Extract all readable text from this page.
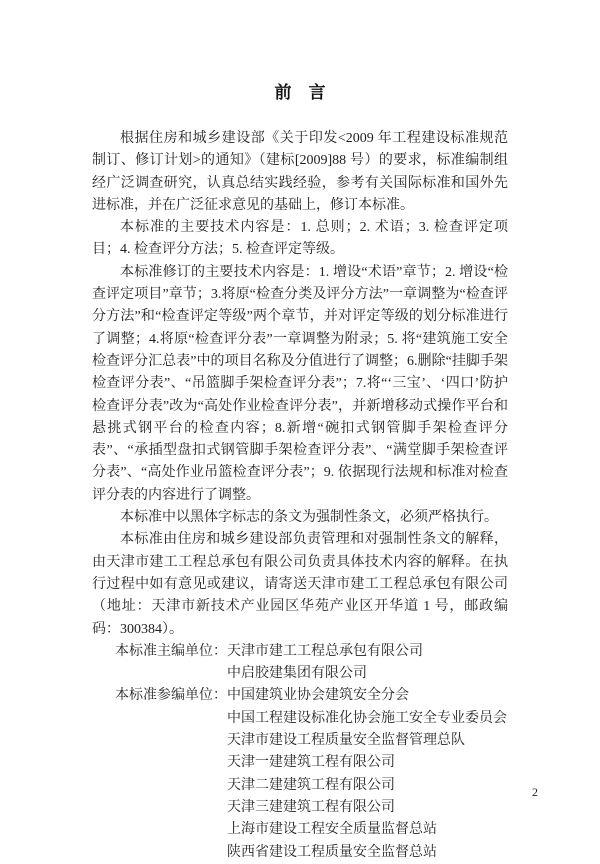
前　言

根据住房和城乡建设部《关于印发<2009 年工程建设标准规范制订、修订计划>的通知》（建标[2009]88 号）的要求，标准编制组经广泛调查研究，认真总结实践经验，参考有关国际标准和国外先进标准，并在广泛征求意见的基础上，修订本标准。

本标准的主要技术内容是：1. 总则；2. 术语；3. 检查评定项目；4. 检查评分方法；5. 检查评定等级。

本标准修订的主要技术内容是：1. 增设“术语”章节；2. 增设“检查评定项目”章节；3.将原“检查分类及评分方法”一章调整为“检查评分方法”和“检查评定等级”两个章节，并对评定等级的划分标准进行了调整；4.将原“检查评分表”一章调整为附录；5. 将“建筑施工安全检查评分汇总表”中的项目名称及分值进行了调整；6.删除“挂脚手架检查评分表”、“吊篮脚手架检查评分表”；7.将“‘三宝’、‘四口’防护检查评分表”改为“高处作业检查评分表”，并新增移动式操作平台和悬挑式钢平台的检查内容；8.新增“碗扣式钢管脚手架检查评分表”、“承插型盘扣式钢管脚手架检查评分表”、“满堂脚手架检查评分表”、“高处作业吊篮检查评分表”；9. 依据现行法规和标准对检查评分表的内容进行了调整。

本标准中以黑体字标志的条文为强制性条文，必须严格执行。

本标准由住房和城乡建设部负责管理和对强制性条文的解释，由天津市建工工程总承包有限公司负责具体技术内容的解释。在执行过程中如有意见或建议，请寄送天津市建工工程总承包有限公司（地址：天津市新技术产业园区华苑产业区开华道 1 号，邮政编码：300384）。

本标准主编单位： 天津市建工工程总承包有限公司
中启胶建集团有限公司
本标准参编单位： 中国建筑业协会建筑安全分会
中国工程建设标准化协会施工安全专业委员会
天津市建设工程质量安全监督管理总队
天津一建建筑工程有限公司
天津二建建筑工程有限公司
天津三建建筑工程有限公司
上海市建设工程安全质量监督总站
陕西省建设工程质量安全监督总站
2
